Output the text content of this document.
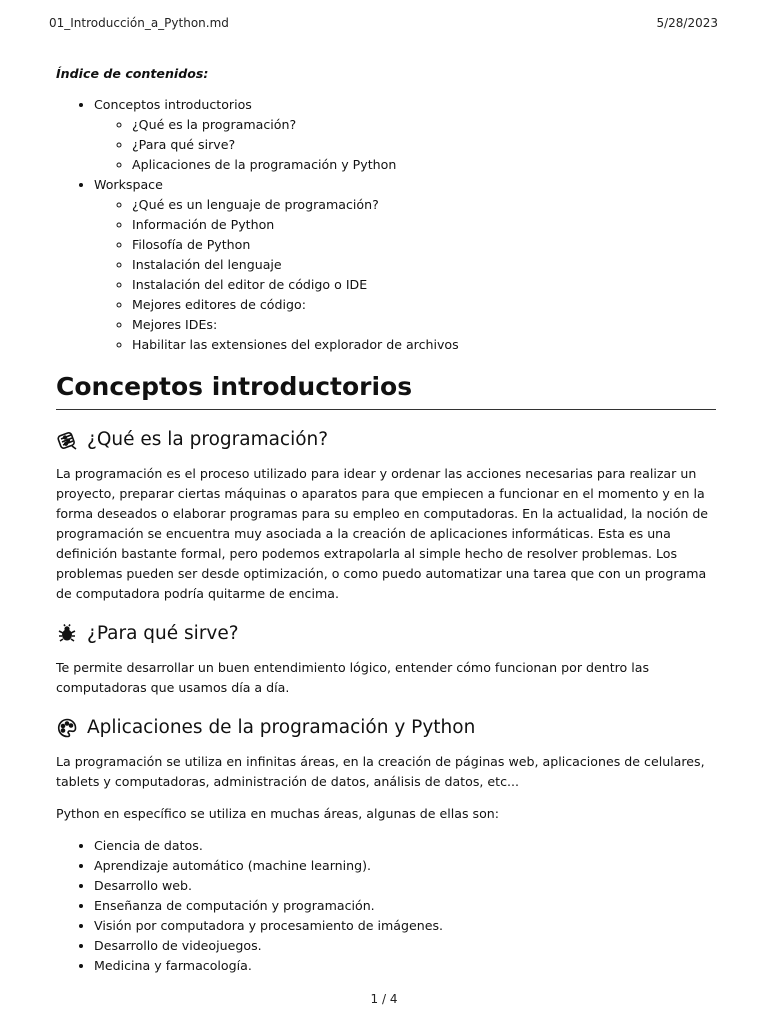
01_Introducción_a_Python.md	5/28/2023
Índice de contenidos:
• Conceptos introductorios
◦ ¿Qué es la programación?
◦ ¿Para qué sirve?
◦ Aplicaciones de la programación y Python
• Workspace
◦ ¿Qué es un lenguaje de programación?
◦ Información de Python
◦ Filosofía de Python
◦ Instalación del lenguaje
◦ Instalación del editor de código o IDE
◦ Mejores editores de código:
◦ Mejores IDEs:
◦ Habilitar las extensiones del explorador de archivos
Conceptos introductorios
¿Qué es la programación?

La programación es el proceso utilizado para idear y ordenar las acciones necesarias para realizar un proyecto, preparar ciertas máquinas o aparatos para que empiecen a funcionar en el momento y en la forma deseados o elaborar programas para su empleo en computadoras. En la actualidad, la noción de programación se encuentra muy asociada a la creación de aplicaciones informáticas. Esta es una definición bastante formal, pero podemos extrapolarla al simple hecho de resolver problemas. Los problemas pueden ser desde optimización, o como puedo automatizar una tarea que con un programa de computadora podría quitarme de encima.

¿Para qué sirve?

Te permite desarrollar un buen entendimiento lógico, entender cómo funcionan por dentro las computadoras que usamos día a día.

Aplicaciones de la programación y Python

La programación se utiliza en infinitas áreas, en la creación de páginas web, aplicaciones de celulares, tablets y computadoras, administración de datos, análisis de datos, etc...

Python en específico se utiliza en muchas áreas, algunas de ellas son:

• Ciencia de datos.
• Aprendizaje automático (machine learning).
• Desarrollo web.
• Enseñanza de computación y programación.
• Visión por computadora y procesamiento de imágenes.
• Desarrollo de videojuegos.
• Medicina y farmacología.
1 / 4
